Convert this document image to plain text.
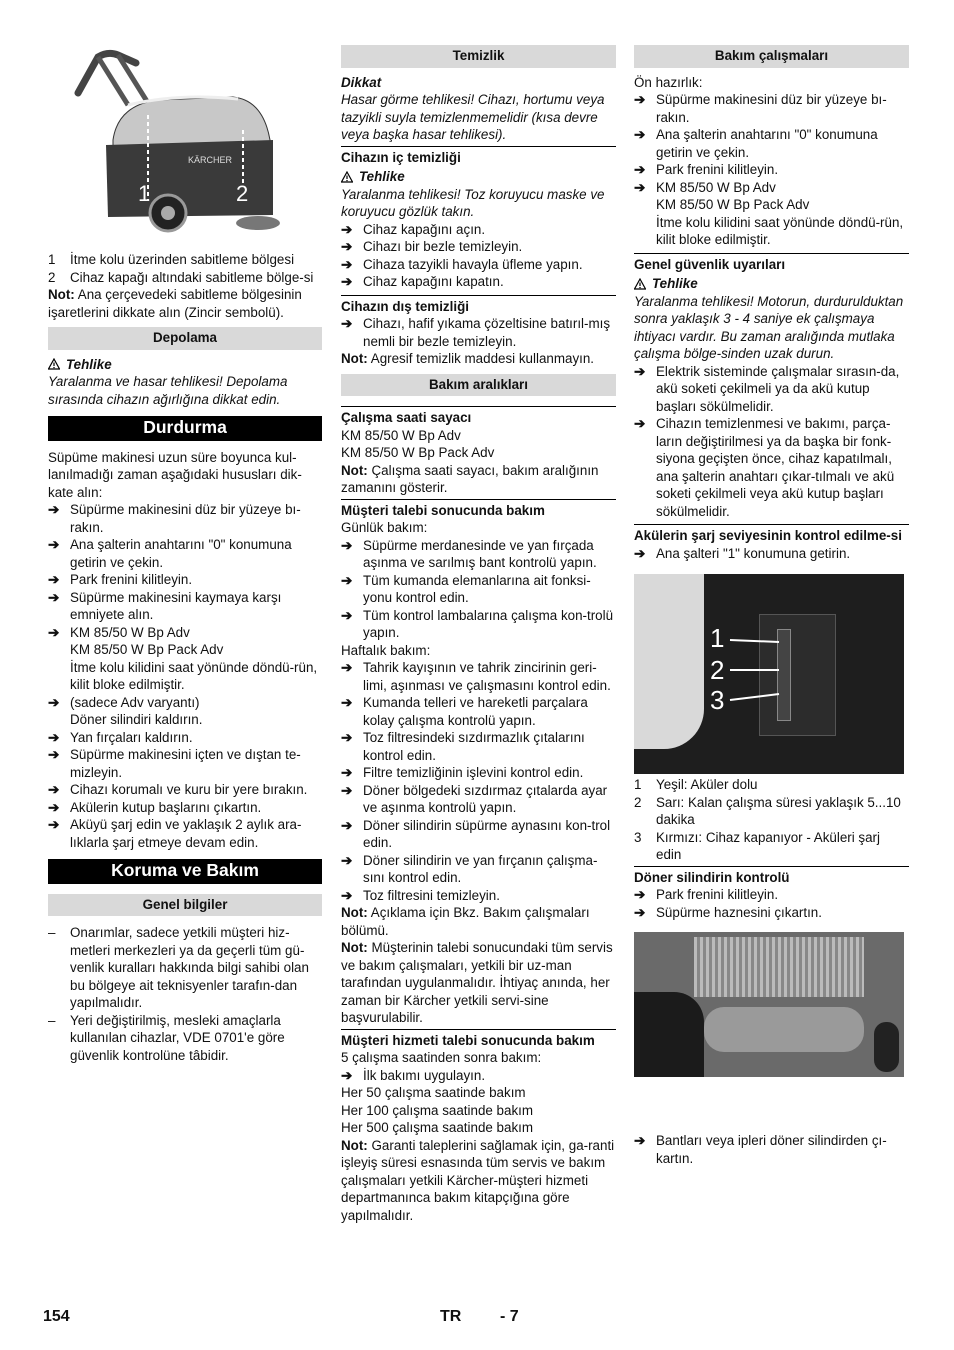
KÄRCHER
1	2
1	İtme kolu üzerinden sabitleme bölgesi
2	Cihaz kapağı altındaki sabitleme bölge-si

Not: Ana çerçevedeki sabitleme bölgesinin işaretlerini dikkate alın (Zincir sembolü).

Depolama
Tehlike

Yaralanma ve hasar tehlikesi! Depolama sırasında cihazın ağırlığına dikkat edin.

Durdurma

Süpüme makinesi uzun süre boyunca kul-lanılmadığı zaman aşağıdaki hususları dik-kate alın:

➔ Süpürme makinesini düz bir yüzeye bı-rakın.
➔ Ana şalterin anahtarını "0" konumuna getirin ve çekin.
➔ Park frenini kilitleyin.
➔ Süpürme makinesini kaymaya karşı emniyete alın.
➔ KM 85/50 W Bp Adv

KM 85/50 W Bp Pack Adv

İtme kolu kilidini saat yönünde döndü-rün, kilit bloke edilmiştir.

➔ (sadece Adv varyantı)

Döner silindiri kaldırın.

➔ Yan fırçaları kaldırın.
➔ Süpürme makinesini içten ve dıştan te-mizleyin.
➔ Cihazı korumalı ve kuru bir yere bırakın.
➔ Akülerin kutup başlarını çıkartın.
➔ Aküyü şarj edin ve yaklaşık 2 aylık ara-lıklarla şarj etmeye devam edin.
Koruma ve Bakım
Genel bilgiler
–	Onarımlar, sadece yetkili müşteri hiz-metleri merkezleri ya da geçerli tüm gü-venlik kuralları hakkında bilgi sahibi olan bu bölgeye ait teknisyenler tarafın-dan yapılmalıdır.
–	Yeri değiştirilmiş, mesleki amaçlarla kullanılan cihazlar, VDE 0701'e göre güvenlik kontrolüne tâbidir.
Temizlik

Dikkat

Hasar görme tehlikesi! Cihazı, hortumu veya tazyikli suyla temizlenmemelidir (kısa devre veya başka hasar tehlikesi).

Cihazın iç temizliği
Tehlike

Yaralanma tehlikesi! Toz koruyucu maske ve koruyucu gözlük takın.

➔ Cihaz kapağını açın.
➔ Cihazı bir bezle temizleyin.
➔ Cihaza tazyikli havayla üfleme yapın.
➔ Cihaz kapağını kapatın.
Cihazın dış temizliği
➔ Cihazı, hafif yıkama çözeltisine batırıl-mış nemli bir bezle temizleyin.

Not: Agresif temizlik maddesi kullanmayın.

Bakım aralıkları
Çalışma saati sayacı

KM 85/50 W Bp Adv

KM 85/50 W Bp Pack Adv

Not: Çalışma saati sayacı, bakım aralığının zamanını gösterir.

Müşteri talebi sonucunda bakım

Günlük bakım:

➔ Süpürme merdanesinde ve yan fırçada aşınma ve sarılmış bant kontrolü yapın.
➔ Tüm kumanda elemanlarına ait fonksi-yonu kontrol edin.
➔ Tüm kontrol lambalarına çalışma kon-trolü yapın.

Haftalık bakım:

➔ Tahrik kayışının ve tahrik zincirinin geri-limi, aşınması ve çalışmasını kontrol edin.
➔ Kumanda telleri ve hareketli parçalara kolay çalışma kontrolü yapın.
➔ Toz filtresindeki sızdırmazlık çıtalarını kontrol edin.
➔ Filtre temizliğinin işlevini kontrol edin.
➔ Döner bölgedeki sızdırmaz çıtalarda ayar ve aşınma kontrolü yapın.
➔ Döner silindirin süpürme aynasını kon-trol edin.
➔ Döner silindirin ve yan fırçanın çalışma-sını kontrol edin.
➔ Toz filtresini temizleyin.

Not: Açıklama için Bkz. Bakım çalışmaları bölümü.

Not: Müşterinin talebi sonucundaki tüm servis ve bakım çalışmaları, yetkili bir uz-man tarafından uygulanmalıdır. İhtiyaç anında, her zaman bir Kärcher yetkili servi-sine başvurulabilir.

Müşteri hizmeti talebi sonucunda bakım

5 çalışma saatinden sonra bakım:

➔ İlk bakımı uygulayın.

Her 50 çalışma saatinde bakım

Her 100 çalışma saatinde bakım

Her 500 çalışma saatinde bakım

Not: Garanti taleplerini sağlamak için, ga-ranti işleyiş süresi esnasında tüm servis ve bakım çalışmaları yetkili Kärcher-müşteri hizmeti departmanınca bakım kitapçığına göre yapılmalıdır.

Bakım çalışmaları

Ön hazırlık:

➔ Süpürme makinesini düz bir yüzeye bı-rakın.
➔ Ana şalterin anahtarını "0" konumuna getirin ve çekin.
➔ Park frenini kilitleyin.
➔ KM 85/50 W Bp Adv

KM 85/50 W Bp Pack Adv

İtme kolu kilidini saat yönünde döndü-rün, kilit bloke edilmiştir.

Genel güvenlik uyarıları
Tehlike

Yaralanma tehlikesi! Motorun, durdurulduktan sonra yaklaşık 3 - 4 saniye ek çalışmaya ihtiyacı vardır. Bu zaman aralığında mutlaka çalışma bölge-sinden uzak durun.

➔ Elektrik sisteminde çalışmalar sırasın-da, akü soketi çekilmeli ya da akü kutup başları sökülmelidir.
➔ Cihazın temizlenmesi ve bakımı, parça-ların değiştirilmesi ya da başka bir fonk-siyona geçişten önce, cihaz kapatılmalı, ana şalterin anahtarı çıkar-tılmalı ve akü soketi çekilmeli veya akü kutup başları sökülmelidir.
Akülerin şarj seviyesinin kontrol edilme-si
➔ Ana şalteri "1" konumuna getirin.
1
2
3
1	Yeşil: Aküler dolu
2	Sarı: Kalan çalışma süresi yaklaşık 5...10 dakika
3	Kırmızı: Cihaz kapanıyor - Aküleri şarj edin
Döner silindirin kontrolü
➔ Park frenini kilitleyin.
➔ Süpürme haznesini çıkartın.
➔ Bantları veya ipleri döner silindirden çı-kartın.
154	TR - 7
